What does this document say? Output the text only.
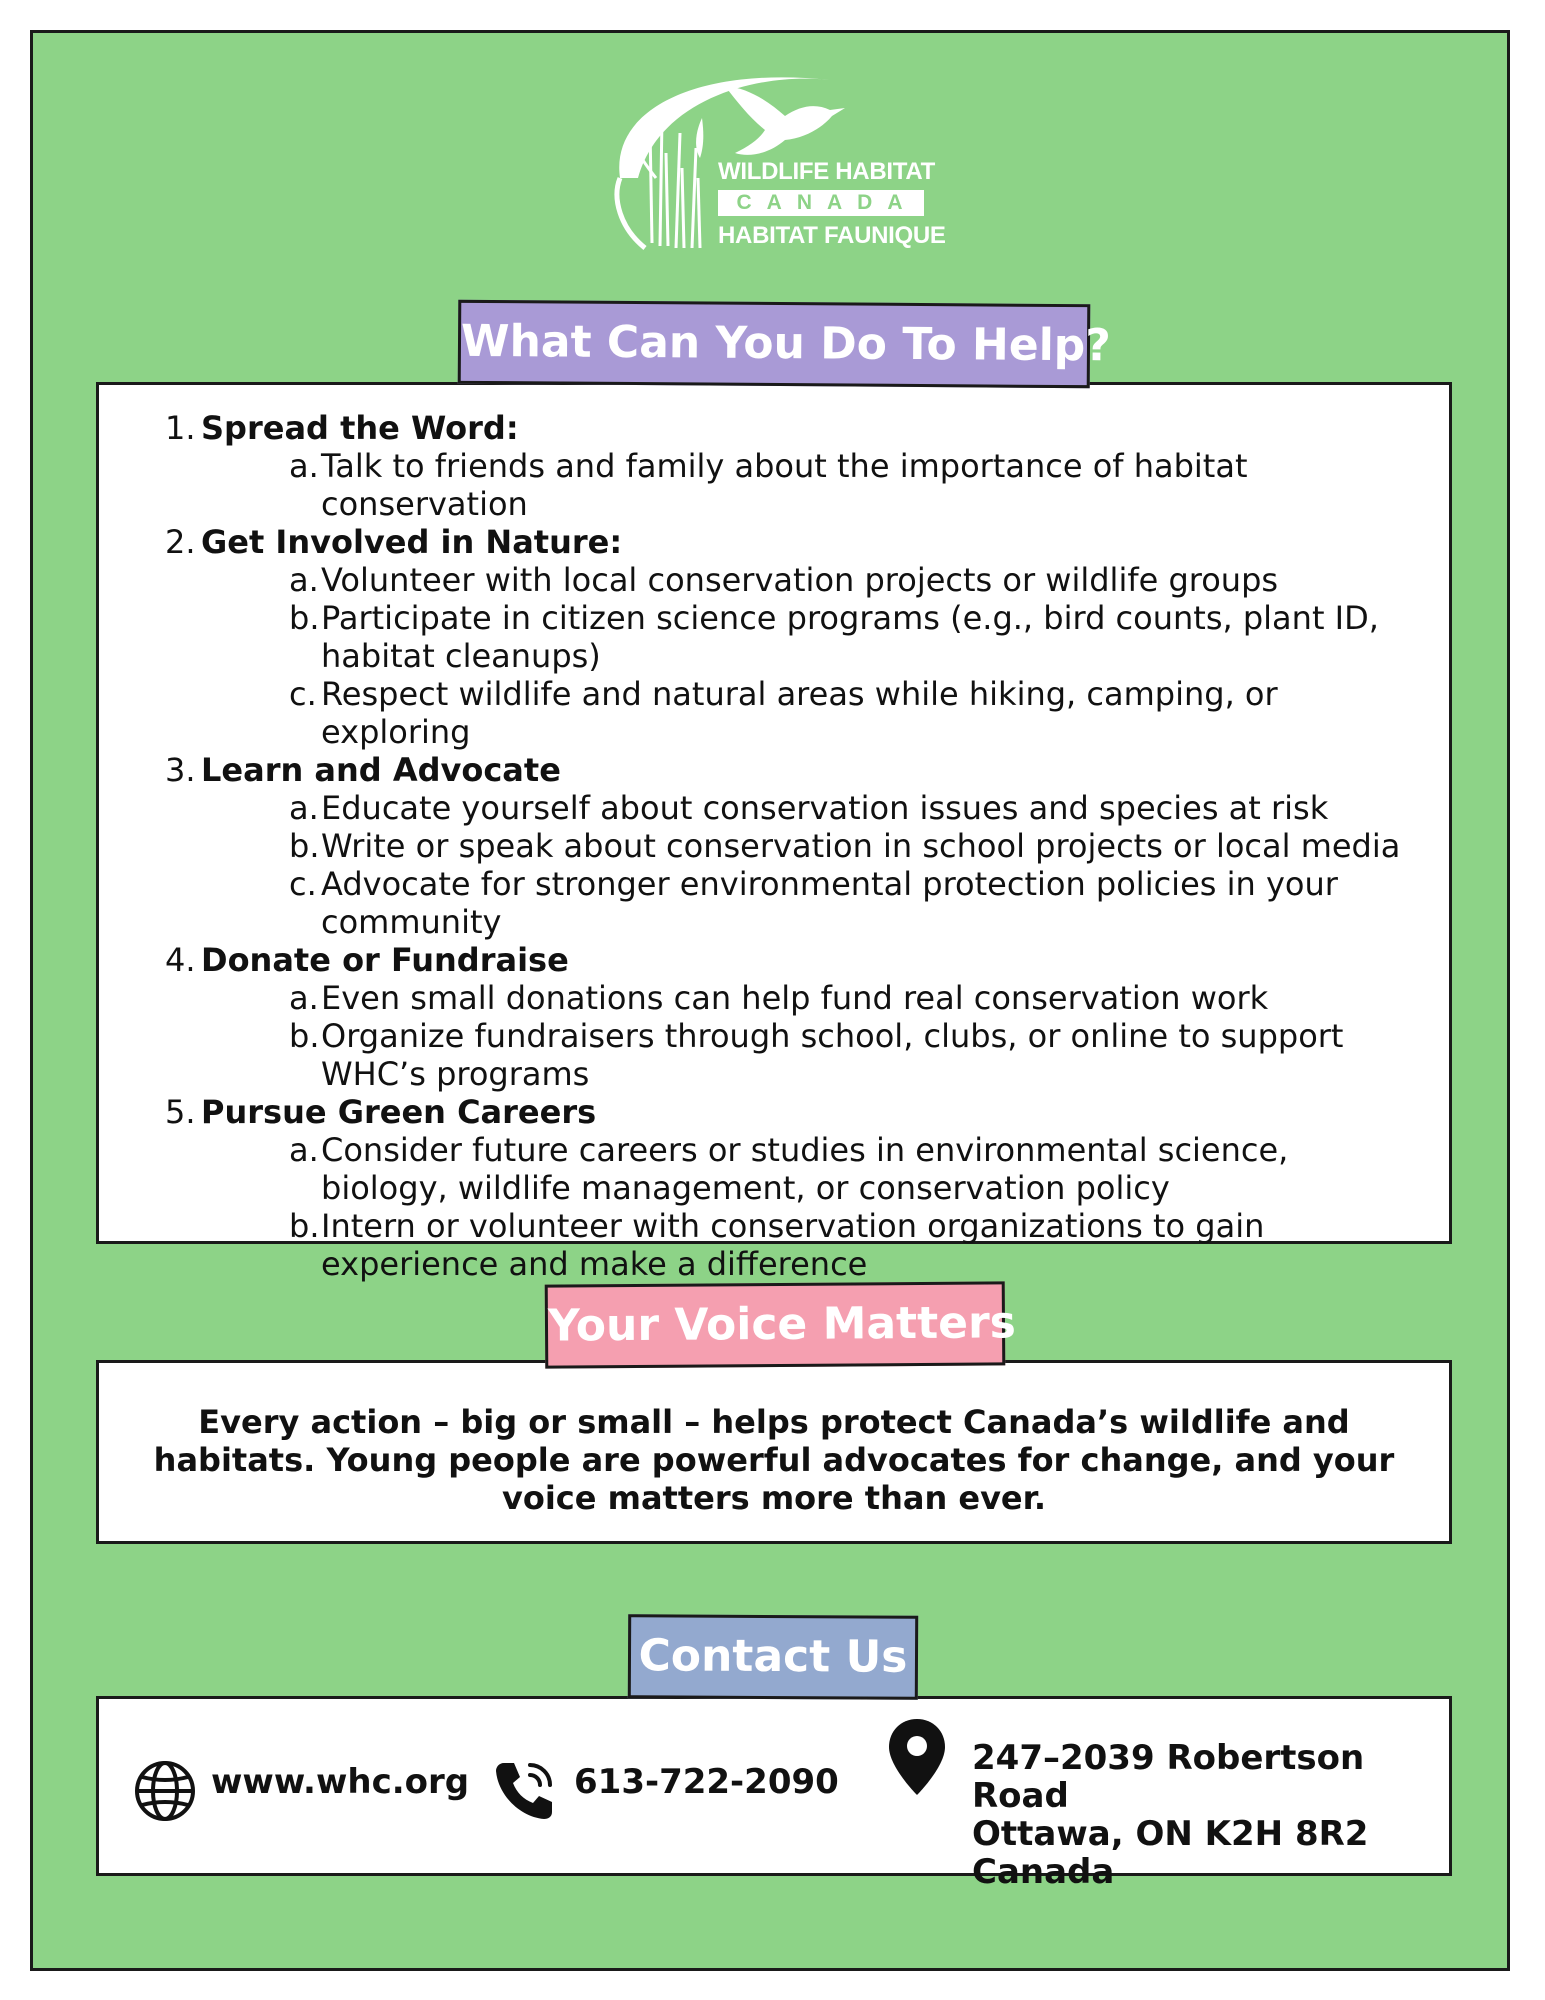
WILDLIFE HABITAT
CANADA
HABITAT FAUNIQUE
1. Spread the Word:
a. Talk to friends and family about the importance of habitat conservation
2. Get Involved in Nature:
a. Volunteer with local conservation projects or wildlife groups
b. Participate in citizen science programs (e.g., bird counts, plant ID, habitat cleanups)
c. Respect wildlife and natural areas while hiking, camping, or exploring
3. Learn and Advocate
a. Educate yourself about conservation issues and species at risk
b. Write or speak about conservation in school projects or local media
c. Advocate for stronger environmental protection policies in your community
4. Donate or Fundraise
a. Even small donations can help fund real conservation work
b. Organize fundraisers through school, clubs, or online to support WHC’s programs
5. Pursue Green Careers
a. Consider future careers or studies in environmental science, biology, wildlife management, or conservation policy
b. Intern or volunteer with conservation organizations to gain experience and make a difference
What Can You Do To Help?
Every action – big or small – helps protect Canada’s wildlife and habitats. Young people are powerful advocates for change, and your voice matters more than ever.
Your Voice Matters
www.whc.org	613-722-2090
247–2039 Robertson Road
Ottawa, ON K2H 8R2
Canada
Contact Us
